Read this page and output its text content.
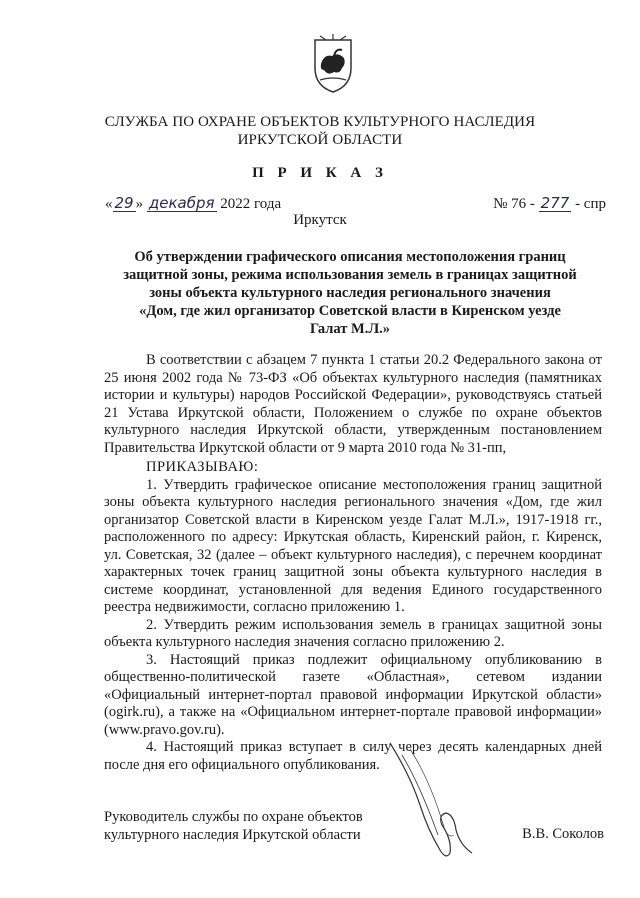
СЛУЖБА ПО ОХРАНЕ ОБЪЕКТОВ КУЛЬТУРНОГО НАСЛЕДИЯ
ИРКУТСКОЙ ОБЛАСТИ
П Р И К А З
« 29 » декабря 2022 года	№ 76 - 277 - спр
Иркутск
Об утверждении графического описания местоположения границ
защитной зоны, режима использования земель в границах защитной
зоны объекта культурного наследия регионального значения
«Дом, где жил организатор Советской власти в Киренском уезде
Галат М.Л.»

В соответствии с абзацем 7 пункта 1 статьи 20.2 Федерального закона от 25 июня 2002 года № 73-ФЗ «Об объектах культурного наследия (памятниках истории и культуры) народов Российской Федерации», руководствуясь статьей 21 Устава Иркутской области, Положением о службе по охране объектов культурного наследия Иркутской области, утвержденным постановлением Правительства Иркутской области от 9 марта 2010 года № 31-пп,

ПРИКАЗЫВАЮ:

1. Утвердить графическое описание местоположения границ защитной зоны объекта культурного наследия регионального значения «Дом, где жил организатор Советской власти в Киренском уезде Галат М.Л.», 1917-1918 гг., расположенного по адресу: Иркутская область, Киренский район, г. Киренск, ул. Советская, 32 (далее – объект культурного наследия), с перечнем координат характерных точек границ защитной зоны объекта культурного наследия в системе координат, установленной для ведения Единого государственного реестра недвижимости, согласно приложению 1.

2. Утвердить режим использования земель в границах защитной зоны объекта культурного наследия значения согласно приложению 2.

3. Настоящий приказ подлежит официальному опубликованию в общественно-политической газете «Областная», сетевом издании «Официальный интернет-портал правовой информации Иркутской области» (ogirk.ru), а также на «Официальном интернет-портале правовой информации» (www.pravo.gov.ru).

4. Настоящий приказ вступает в силу через десять календарных дней после дня его официального опубликования.

Руководитель службы по охране объектов
культурного наследия Иркутской области	В.В. Соколов
